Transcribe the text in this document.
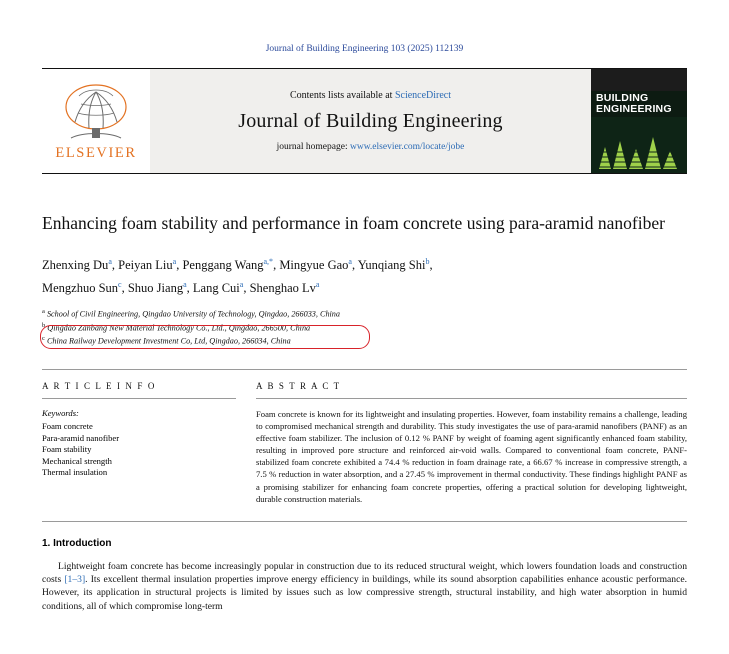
Journal of Building Engineering 103 (2025) 112139
ELSEVIER
Contents lists available at ScienceDirect
Journal of Building Engineering
journal homepage: www.elsevier.com/locate/jobe
BUILDING
ENGINEERING
Enhancing foam stability and performance in foam concrete using para-aramid nanofiber
Zhenxing Du$^a$, Peiyan Liu$^a$, Penggang Wang$^{a,*}$, Mingyue Gao$^a$, Yunqiang Shi$^b$,
Mengzhuo Sun$^c$, Shuo Jiang$^a$, Lang Cui$^a$, Shenghao Lv$^a$
$^a$ School of Civil Engineering, Qingdao University of Technology, Qingdao, 266033, China
$^b$ Qingdao Zanbang New Material Technology Co., Ltd., Qingdao, 266500, China
$^c$ China Railway Development Investment Co, Ltd, Qingdao, 266034, China
A R T I C L E I N F O
Keywords:
Foam concrete
Para-aramid nanofiber
Foam stability
Mechanical strength
Thermal insulation
A B S T R A C T
Foam concrete is known for its lightweight and insulating properties. However, foam instability remains a challenge, leading to compromised mechanical strength and durability. This study investigates the use of para-aramid nanofibers (PANF) as an effective foam stabilizer. The inclusion of 0.12 % PANF by weight of foaming agent significantly enhanced foam stability, resulting in improved pore structure and reinforced air-void walls. Compared to conventional foam concrete, PANF-stabilized foam concrete exhibited a 74.4 % reduction in foam drainage rate, a 66.67 % increase in compressive strength, a 7.5 % reduction in water absorption, and a 27.45 % improvement in thermal conductivity. These findings highlight PANF as a promising stabilizer for enhancing foam concrete properties, offering a practical solution for developing lightweight, durable construction materials.
1. Introduction
Lightweight foam concrete has become increasingly popular in construction due to its reduced structural weight, which lowers foundation loads and construction costs [1–3]. Its excellent thermal insulation properties improve energy efficiency in buildings, while its sound absorption capabilities enhance acoustic performance. However, its application in structural projects is limited by issues such as low compressive strength, structural instability, and high water absorption in humid conditions, all of which compromise long-term
